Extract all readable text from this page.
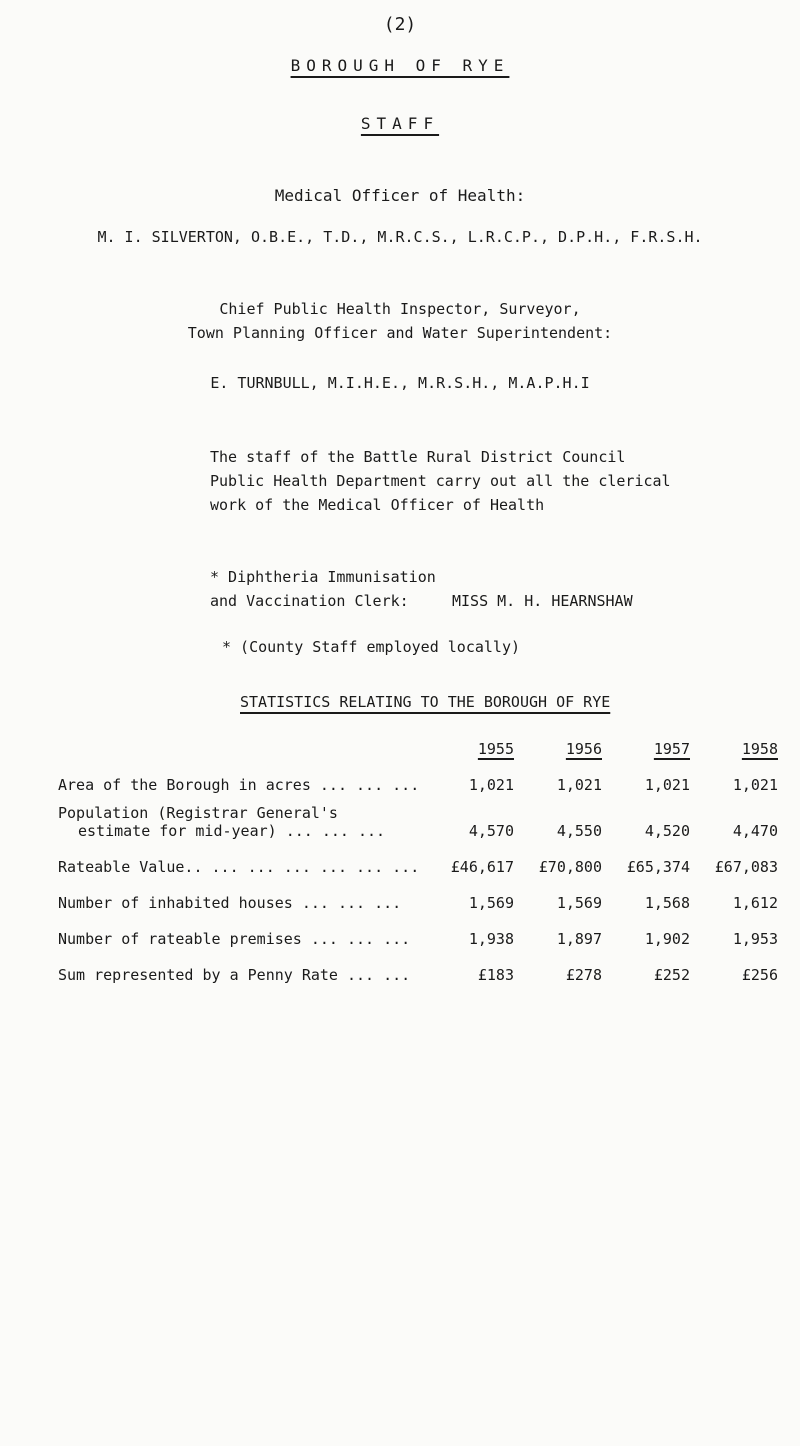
(2)
BOROUGH OF RYE
STAFF
Medical Officer of Health:
M. I. SILVERTON, O.B.E., T.D., M.R.C.S., L.R.C.P., D.P.H., F.R.S.H.
Chief Public Health Inspector, Surveyor,
Town Planning Officer and Water Superintendent:
E. TURNBULL, M.I.H.E., M.R.S.H., M.A.P.H.I
The staff of the Battle Rural District Council
Public Health Department carry out all the clerical
work of the Medical Officer of Health
* Diphtheria Immunisation
and Vaccination Clerk:	MISS M. H. HEARNSHAW
* (County Staff employed locally)
STATISTICS RELATING TO THE BOROUGH OF RYE
	1955	1956	1957	1958
Area of the Borough in acres ... ... ...	1,021	1,021	1,021	1,021

Population (Registrar General's
estimate for mid-year) ... ... ...	4,570	4,550	4,520	4,470
Rateable Value.. ... ... ... ... ... ...	£46,617	£70,800	£65,374	£67,083
Number of inhabited houses ... ... ...	1,569	1,569	1,568	1,612
Number of rateable premises ... ... ...	1,938	1,897	1,902	1,953
Sum represented by a Penny Rate ... ...	£183	£278	£252	£256
